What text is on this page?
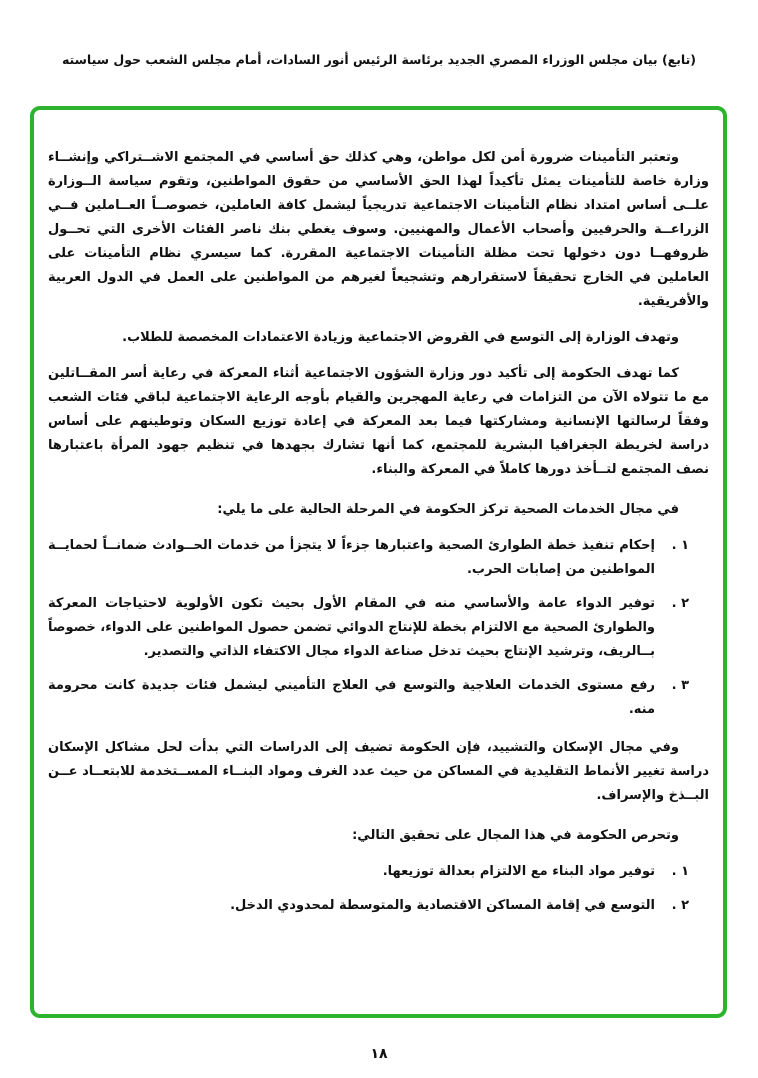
(تابع) بيان مجلس الوزراء المصري الجديد برئاسة الرئيس أنور السادات، أمام مجلس الشعب حول سياسته

وتعتبر التأمينات ضرورة أمن لكل مواطن، وهي كذلك حق أساسي في المجتمع الاشــتراكي وإنشــاء وزارة خاصة للتأمينات يمثل تأكيداً لهذا الحق الأساسي من حقوق المواطنين، وتقوم سياسة الــوزارة علــى أساس امتداد نظام التأمينات الاجتماعية تدريجياً ليشمل كافة العاملين، خصوصــاً العــاملين فــي الزراعــة والحرفيين وأصحاب الأعمال والمهنيين. وسوف يغطي بنك ناصر الفئات الأخرى التي تحــول ظروفهــا دون دخولها تحت مظلة التأمينات الاجتماعية المقررة. كما سيسري نظام التأمينات على العاملين في الخارج تحقيقاً لاستقرارهم وتشجيعاً لغيرهم من المواطنين على العمل في الدول العربية والأفريقية.

وتهدف الوزارة إلى التوسع في القروض الاجتماعية وزيادة الاعتمادات المخصصة للطلاب.

كما تهدف الحكومة إلى تأكيد دور وزارة الشؤون الاجتماعية أثناء المعركة في رعاية أسر المقــاتلين مع ما تتولاه الآن من التزامات في رعاية المهجرين والقيام بأوجه الرعاية الاجتماعية لباقي فئات الشعب وفقاً لرسالتها الإنسانية ومشاركتها فيما بعد المعركة في إعادة توزيع السكان وتوطينهم على أساس دراسة لخريطة الجغرافيا البشرية للمجتمع، كما أنها تشارك بجهدها في تنظيم جهود المرأة باعتبارها نصف المجتمع لتــأخذ دورها كاملاً في المعركة والبناء.

في مجال الخدمات الصحية تركز الحكومة في المرحلة الحالية على ما يلي:

١ .
إحكام تنفيذ خطة الطوارئ الصحية واعتبارها جزءاً لا يتجزأ من خدمات الحــوادث ضمانــاً لحمايــة المواطنين من إصابات الحرب.
٢ .
توفير الدواء عامة والأساسي منه في المقام الأول بحيث تكون الأولوية لاحتياجات المعركة والطوارئ الصحية مع الالتزام بخطة للإنتاج الدوائي تضمن حصول المواطنين على الدواء، خصوصاً بــالريف، وترشيد الإنتاج بحيث تدخل صناعة الدواء مجال الاكتفاء الذاتي والتصدير.
٣ .
رفع مستوى الخدمات العلاجية والتوسع في العلاج التأميني ليشمل فئات جديدة كانت محرومة منه.

وفي مجال الإسكان والتشييد، فإن الحكومة تضيف إلى الدراسات التي بدأت لحل مشاكل الإسكان دراسة تغيير الأنماط التقليدية في المساكن من حيث عدد الغرف ومواد البنــاء المســتخدمة للابتعــاد عــن البــذخ والإسراف.

وتحرص الحكومة في هذا المجال على تحقيق التالي:

١ .
توفير مواد البناء مع الالتزام بعدالة توزيعها.
٢ .
التوسع في إقامة المساكن الاقتصادية والمتوسطة لمحدودي الدخل.
١٨
